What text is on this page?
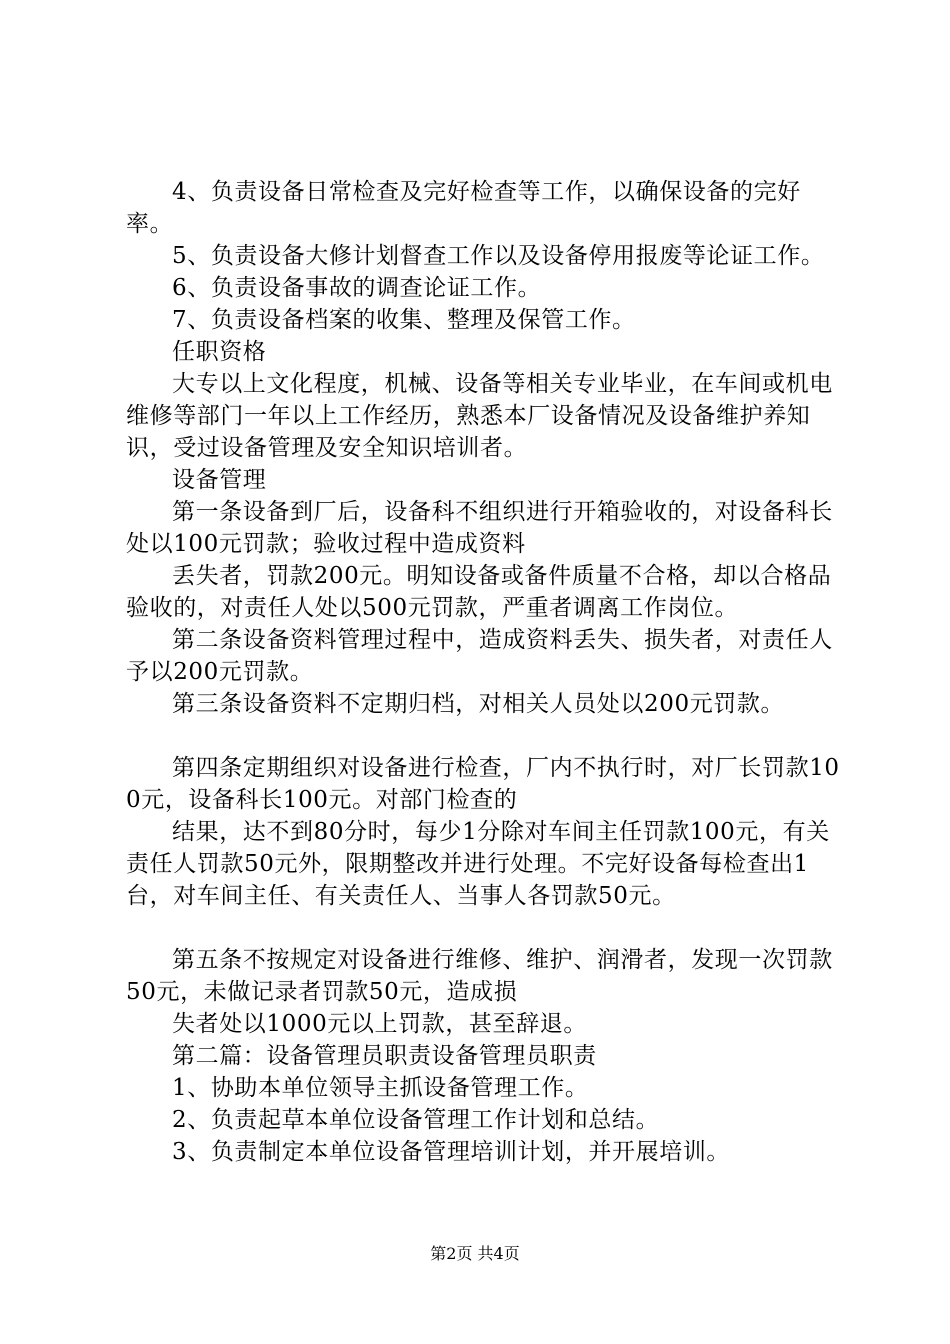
4、负责设备日常检查及完好检查等工作，以确保设备的完好率。

5、负责设备大修计划督查工作以及设备停用报废等论证工作。

6、负责设备事故的调查论证工作。

7、负责设备档案的收集、整理及保管工作。

任职资格

大专以上文化程度，机械、设备等相关专业毕业，在车间或机电维修等部门一年以上工作经历，熟悉本厂设备情况及设备维护养知识，受过设备管理及安全知识培训者。

设备管理

第一条设备到厂后，设备科不组织进行开箱验收的，对设备科长处以100元罚款；验收过程中造成资料

丢失者，罚款200元。明知设备或备件质量不合格，却以合格品验收的，对责任人处以500元罚款，严重者调离工作岗位。

第二条设备资料管理过程中，造成资料丢失、损失者，对责任人予以200元罚款。

第三条设备资料不定期归档，对相关人员处以200元罚款。

第四条定期组织对设备进行检查，厂内不执行时，对厂长罚款100元，设备科长100元。对部门检查的

结果，达不到80分时，每少1分除对车间主任罚款100元，有关责任人罚款50元外，限期整改并进行处理。不完好设备每检查出1台，对车间主任、有关责任人、当事人各罚款50元。

第五条不按规定对设备进行维修、维护、润滑者，发现一次罚款50元，未做记录者罚款50元，造成损

失者处以1000元以上罚款，甚至辞退。

第二篇：设备管理员职责设备管理员职责

1、协助本单位领导主抓设备管理工作。

2、负责起草本单位设备管理工作计划和总结。

3、负责制定本单位设备管理培训计划，并开展培训。

第2页 共4页
